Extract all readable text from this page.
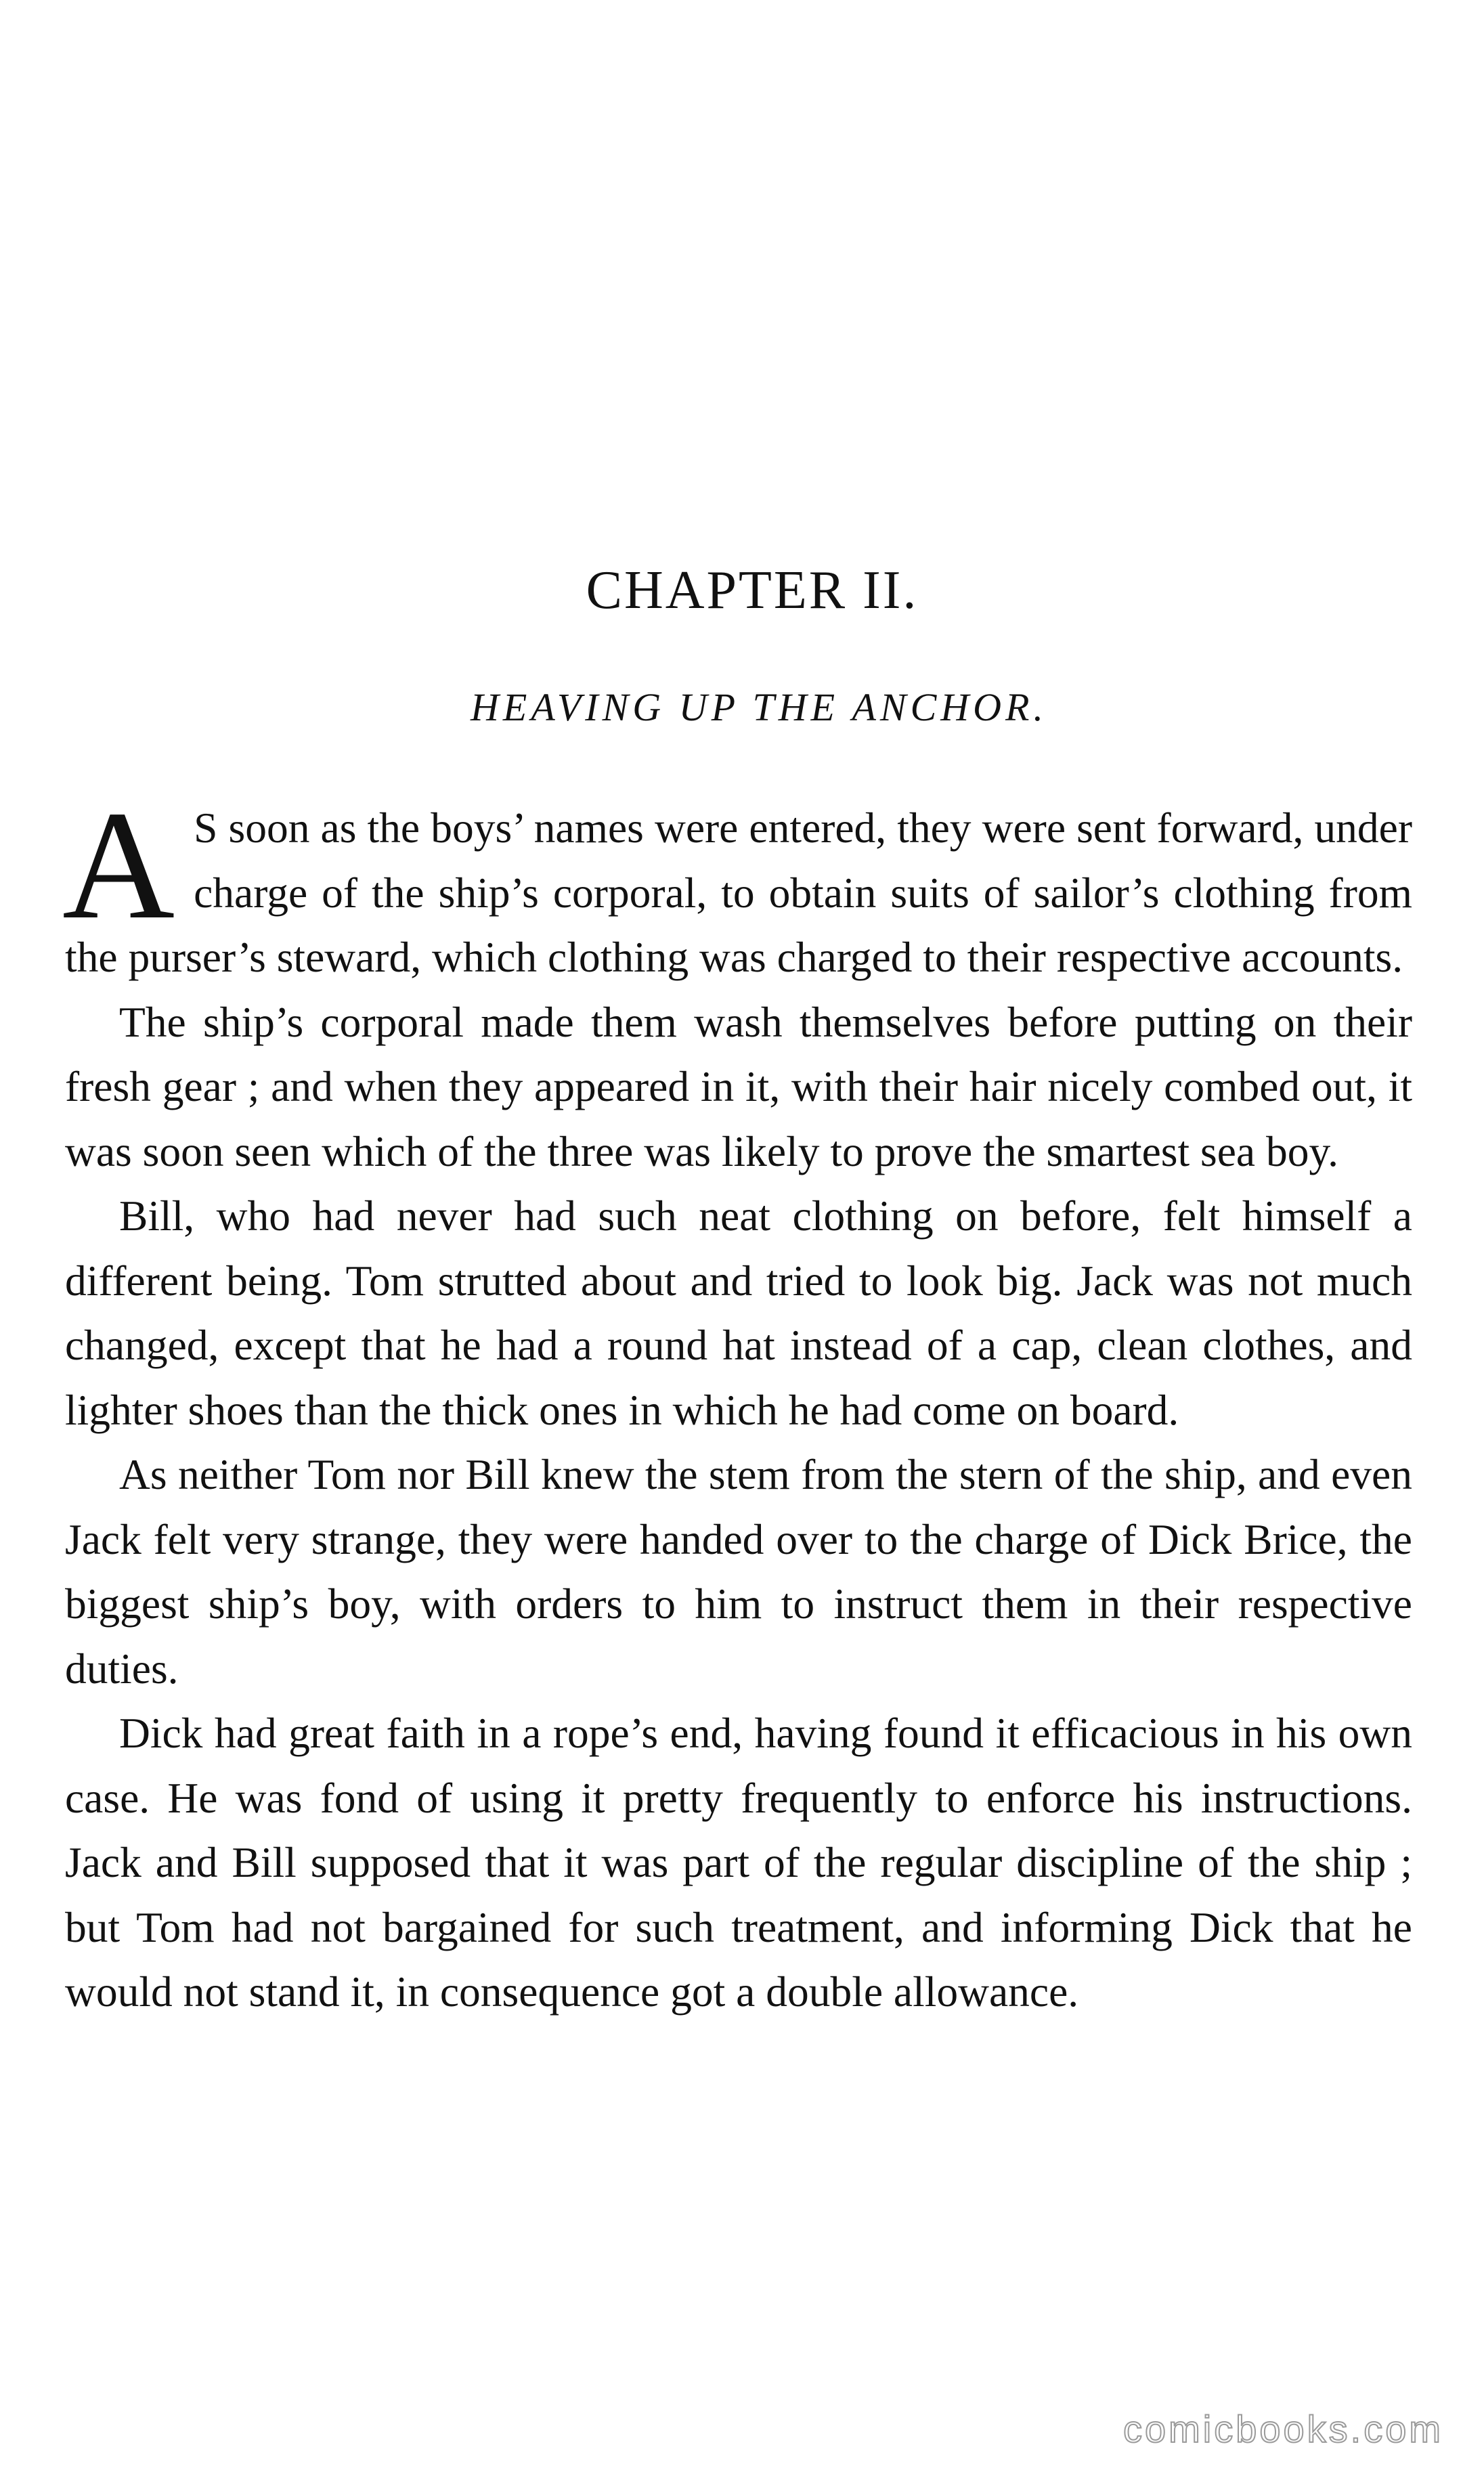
CHAPTER II.
HEAVING UP THE ANCHOR.

A S soon as the boys’ names were entered, they were sent forward, under charge of the ship’s corporal, to obtain suits of sailor’s clothing from the purser’s steward, which clothing was charged to their respective accounts.

The ship’s corporal made them wash themselves before putting on their fresh gear ; and when they appeared in it, with their hair nicely combed out, it was soon seen which of the three was likely to prove the smartest sea boy.

Bill, who had never had such neat clothing on before, felt himself a different being. Tom strutted about and tried to look big. Jack was not much changed, except that he had a round hat instead of a cap, clean clothes, and lighter shoes than the thick ones in which he had come on board.

As neither Tom nor Bill knew the stem from the stern of the ship, and even Jack felt very strange, they were handed over to the charge of Dick Brice, the biggest ship’s boy, with orders to him to instruct them in their respective duties.

Dick had great faith in a rope’s end, having found it efficacious in his own case. He was fond of using it pretty frequently to enforce his instructions. Jack and Bill supposed that it was part of the regular discipline of the ship ; but Tom had not bargained for such treatment, and informing Dick that he would not stand it, in consequence got a double allowance.

comicbooks.com
